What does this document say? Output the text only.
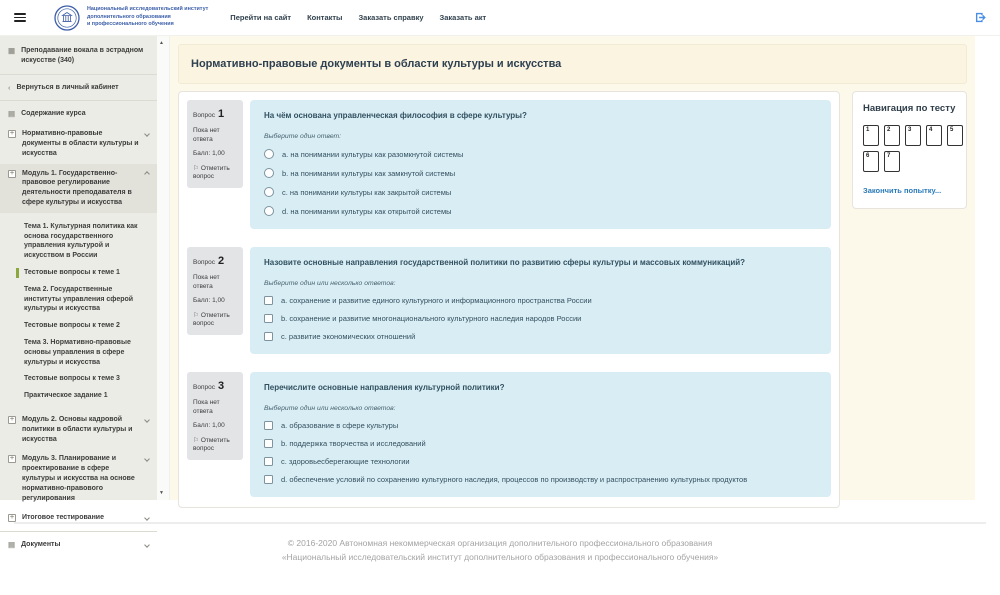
Национальный исследовательский институт
дополнительного образования
и профессионального обучения
Перейти на сайт Контакты Заказать справку Заказать акт
▦ Преподавание вокала в эстрадном искусстве (340)
‹ Вернуться в личный кабинет
▤ Содержание курса
+ Нормативно-правовые документы в области культуры и искусства
+ Модуль 1. Государственно-правовое регулирование деятельности преподавателя в сфере культуры и искусства
Тема 1. Культурная политика как основа государственного управления культурой и искусством в России
Тестовые вопросы к теме 1
Тема 2. Государственные институты управления сферой культуры и искусства
Тестовые вопросы к теме 2
Тема 3. Нормативно-правовые основы управления в сфере культуры и искусства
Тестовые вопросы к теме 3
Практическое задание 1
+ Модуль 2. Основы кадровой политики в области культуры и искусства
+ Модуль 3. Планирование и проектирование в сфере культуры и искусства на основе нормативно-правового регулирования
+ Итоговое тестирование
▤ Документы
▲
▼
Нормативно-правовые документы в области культуры и искусства
Вопрос 1
Пока нет ответа
Балл: 1,00
⚐ Отметить вопрос
На чём основана управленческая философия в сфере культуры?
Выберите один ответ:
a. на понимании культуры как разомкнутой системы
b. на понимании культуры как замкнутой системы
c. на понимании культуры как закрытой системы
d. на понимании культуры как открытой системы
Вопрос 2
Пока нет ответа
Балл: 1,00
⚐ Отметить вопрос
Назовите основные направления государственной политики по развитию сферы культуры и массовых коммуникаций?
Выберите один или несколько ответов:
a. сохранение и развитие единого культурного и информационного пространства России
b. сохранение и развитие многонационального культурного наследия народов России
c. развитие экономических отношений
Вопрос 3
Пока нет ответа
Балл: 1,00
⚐ Отметить вопрос
Перечислите основные направления культурной политики?
Выберите один или несколько ответов:
a. образование в сфере культуры
b. поддержка творчества и исследований
c. здоровьесберегающие технологии
d. обеспечение условий по сохранению культурного наследия, процессов по производству и распространению культурных продуктов
Навигация по тесту
1	2	3	4	5
6	7
Закончить попытку...
© 2016-2020 Автономная некоммерческая организация дополнительного профессионального образования
«Национальный исследовательский институт дополнительного образования и профессионального обучения»
